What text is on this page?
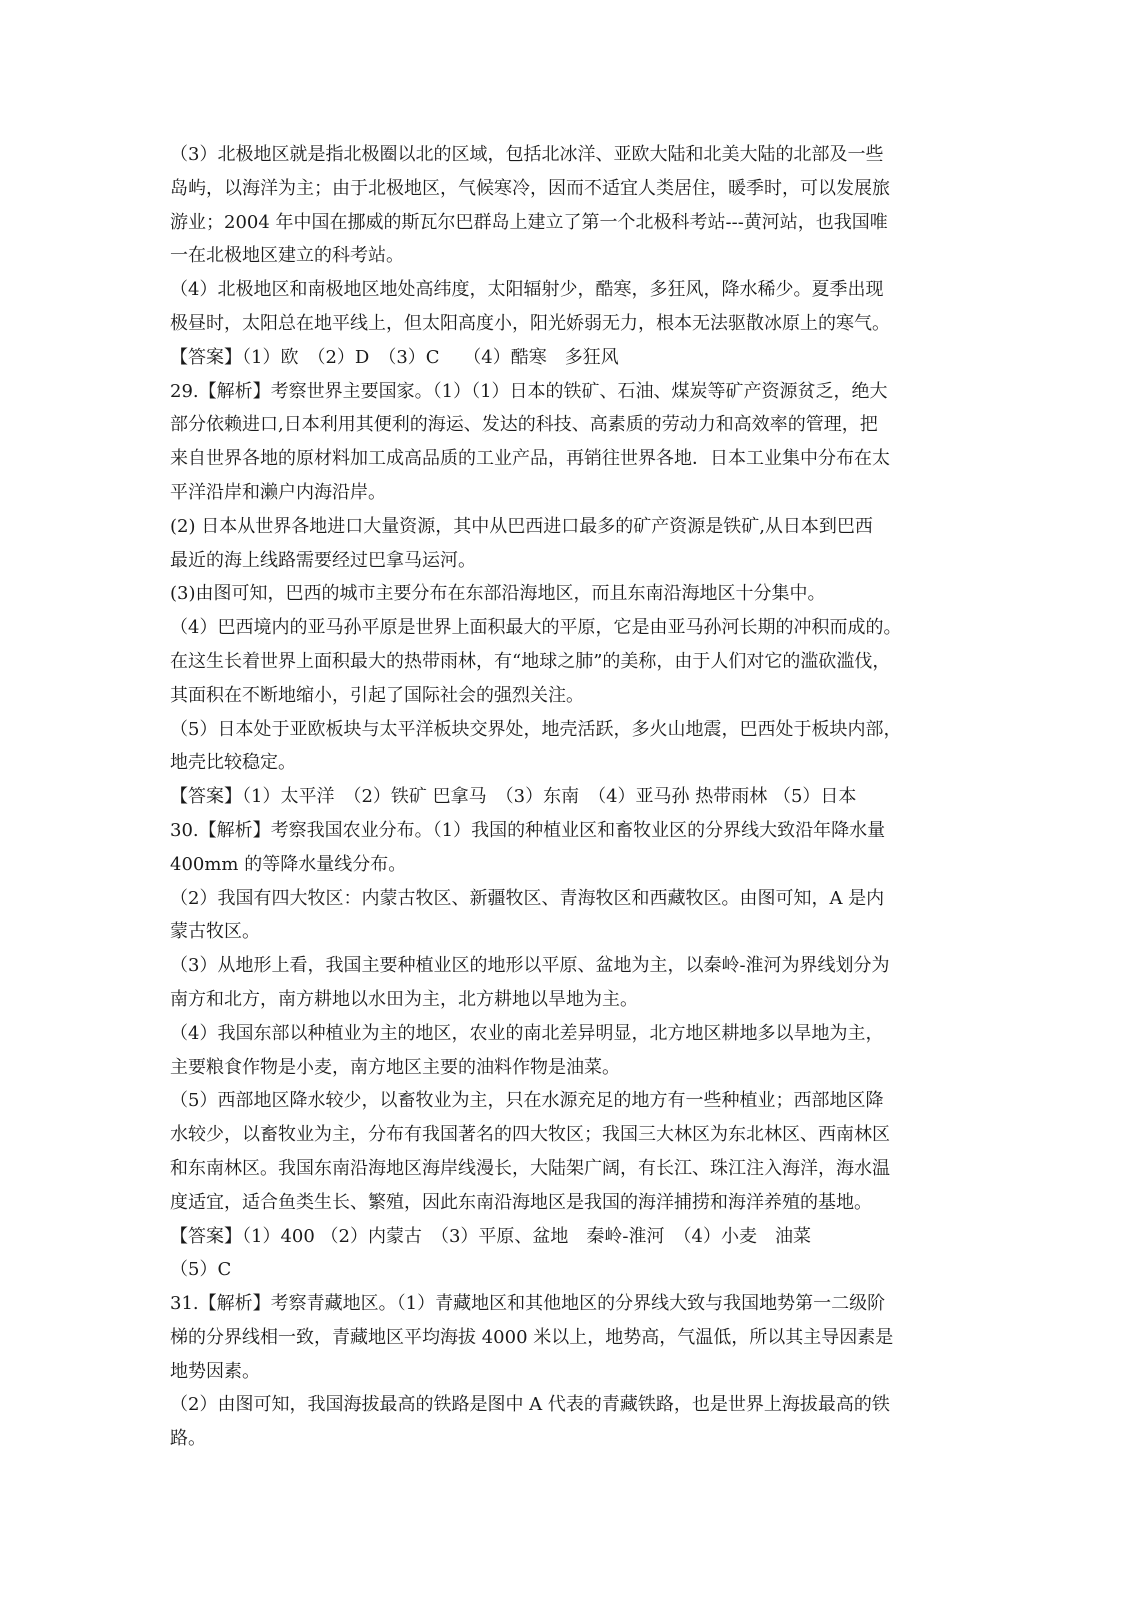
（3）北极地区就是指北极圈以北的区域，包括北冰洋、亚欧大陆和北美大陆的北部及一些
岛屿，以海洋为主；由于北极地区，气候寒冷，因而不适宜人类居住，暖季时，可以发展旅
游业；2004 年中国在挪威的斯瓦尔巴群岛上建立了第一个北极科考站---黄河站，也我国唯
一在北极地区建立的科考站。
（4）北极地区和南极地区地处高纬度，太阳辐射少，酷寒，多狂风，降水稀少。夏季出现
极昼时，太阳总在地平线上，但太阳高度小，阳光娇弱无力，根本无法驱散冰原上的寒气。
【答案】（1）欧　（2）D　（3）C　 （4）酷寒　多狂风
29.【解析】考察世界主要国家。（1）（1）日本的铁矿、石油、煤炭等矿产资源贫乏，绝大
部分依赖进口,日本利用其便利的海运、发达的科技、高素质的劳动力和高效率的管理，把
来自世界各地的原材料加工成高品质的工业产品，再销往世界各地．日本工业集中分布在太
平洋沿岸和濑户内海沿岸。
(2) 日本从世界各地进口大量资源，其中从巴西进口最多的矿产资源是铁矿,从日本到巴西
最近的海上线路需要经过巴拿马运河。
(3)由图可知，巴西的城市主要分布在东部沿海地区，而且东南沿海地区十分集中。
（4）巴西境内的亚马孙平原是世界上面积最大的平原，它是由亚马孙河长期的冲积而成的。
在这生长着世界上面积最大的热带雨林，有“地球之肺”的美称，由于人们对它的滥砍滥伐，
其面积在不断地缩小，引起了国际社会的强烈关注。
（5）日本处于亚欧板块与太平洋板块交界处，地壳活跃，多火山地震，巴西处于板块内部，
地壳比较稳定。
【答案】（1）太平洋　（2）铁矿 巴拿马　（3）东南　（4）亚马孙 热带雨林 （5）日本
30.【解析】考察我国农业分布。（1）我国的种植业区和畜牧业区的分界线大致沿年降水量
400mm 的等降水量线分布。
（2）我国有四大牧区：内蒙古牧区、新疆牧区、青海牧区和西藏牧区。由图可知，A 是内
蒙古牧区。
（3）从地形上看，我国主要种植业区的地形以平原、盆地为主，以秦岭-淮河为界线划分为
南方和北方，南方耕地以水田为主，北方耕地以旱地为主。
（4）我国东部以种植业为主的地区，农业的南北差异明显，北方地区耕地多以旱地为主，
主要粮食作物是小麦，南方地区主要的油料作物是油菜。
（5）西部地区降水较少，以畜牧业为主，只在水源充足的地方有一些种植业；西部地区降
水较少，以畜牧业为主，分布有我国著名的四大牧区；我国三大林区为东北林区、西南林区
和东南林区。我国东南沿海地区海岸线漫长，大陆架广阔，有长江、珠江注入海洋，海水温
度适宜，适合鱼类生长、繁殖，因此东南沿海地区是我国的海洋捕捞和海洋养殖的基地。
【答案】（1）400 （2）内蒙古　（3）平原、盆地　秦岭-淮河　（4）小麦　油菜
（5）C
31.【解析】考察青藏地区。（1）青藏地区和其他地区的分界线大致与我国地势第一二级阶
梯的分界线相一致，青藏地区平均海拔 4000 米以上，地势高，气温低，所以其主导因素是
地势因素。
（2）由图可知，我国海拔最高的铁路是图中 A 代表的青藏铁路，也是世界上海拔最高的铁
路。
